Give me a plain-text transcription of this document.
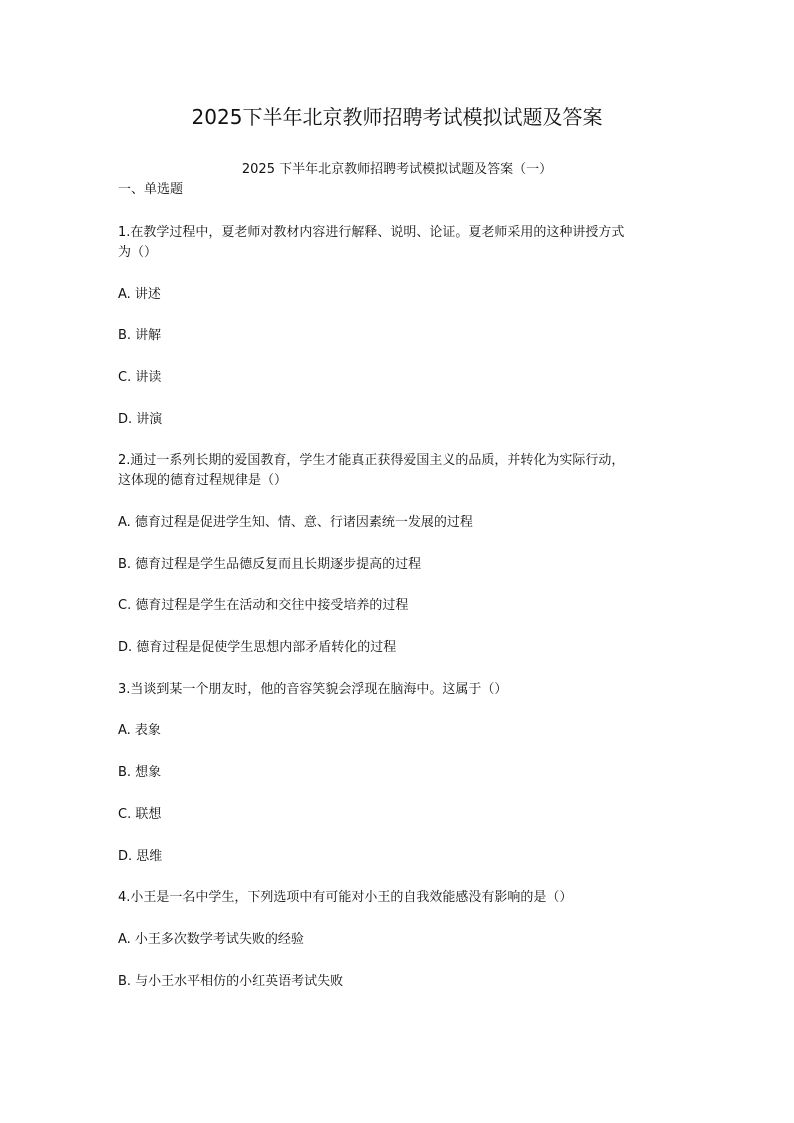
2025下半年北京教师招聘考试模拟试题及答案
2025 下半年北京教师招聘考试模拟试题及答案（一）
一、单选题
1.在教学过程中，夏老师对教材内容进行解释、说明、论证。夏老师采用的这种讲授方式
为（）
A. 讲述
B. 讲解
C. 讲读
D. 讲演
2.通过一系列长期的爱国教育，学生才能真正获得爱国主义的品质，并转化为实际行动，
这体现的德育过程规律是（）
A. 德育过程是促进学生知、情、意、行诸因素统一发展的过程
B. 德育过程是学生品德反复而且长期逐步提高的过程
C. 德育过程是学生在活动和交往中接受培养的过程
D. 德育过程是促使学生思想内部矛盾转化的过程
3.当谈到某一个朋友时，他的音容笑貌会浮现在脑海中。这属于（）
A. 表象
B. 想象
C. 联想
D. 思维
4.小王是一名中学生，下列选项中有可能对小王的自我效能感没有影响的是（）
A. 小王多次数学考试失败的经验
B. 与小王水平相仿的小红英语考试失败
